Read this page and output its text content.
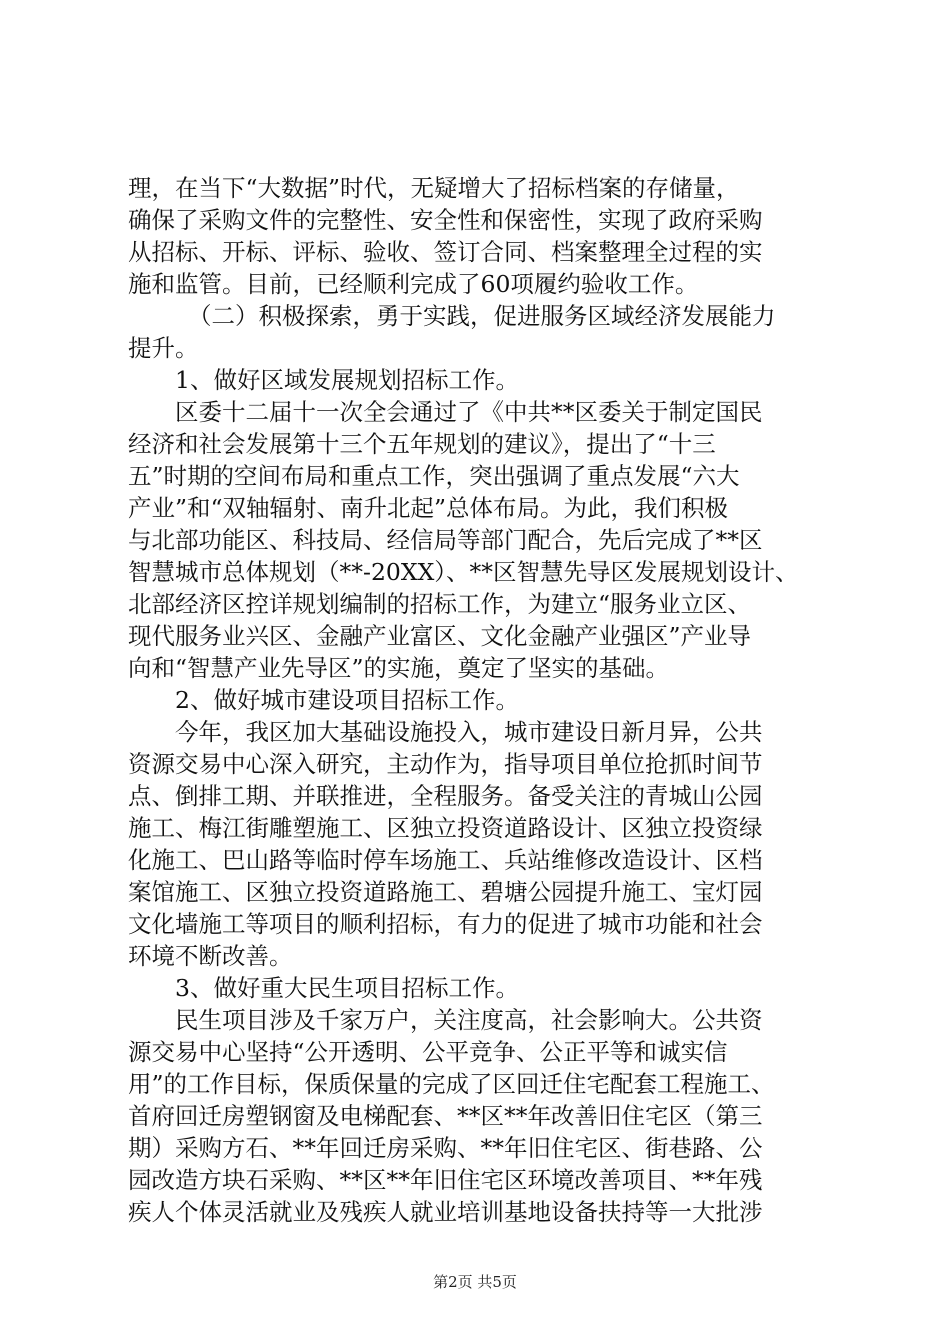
理，在当下“大数据”时代，无疑增大了招标档案的存储量，
确保了采购文件的完整性、安全性和保密性，实现了政府采购
从招标、开标、评标、验收、签订合同、档案整理全过程的实
施和监管。目前，已经顺利完成了60项履约验收工作。
（二）积极探索，勇于实践，促进服务区域经济发展能力
提升。
1、做好区域发展规划招标工作。
区委十二届十一次全会通过了《中共**区委关于制定国民
经济和社会发展第十三个五年规划的建议》，提出了“十三
五”时期的空间布局和重点工作，突出强调了重点发展“六大
产业”和“双轴辐射、南升北起”总体布局。为此，我们积极
与北部功能区、科技局、经信局等部门配合，先后完成了**区
智慧城市总体规划（**-20XX）、**区智慧先导区发展规划设计、
北部经济区控详规划编制的招标工作，为建立“服务业立区、
现代服务业兴区、金融产业富区、文化金融产业强区”产业导
向和“智慧产业先导区”的实施，奠定了坚实的基础。
2、做好城市建设项目招标工作。
今年，我区加大基础设施投入，城市建设日新月异，公共
资源交易中心深入研究，主动作为，指导项目单位抢抓时间节
点、倒排工期、并联推进，全程服务。备受关注的青城山公园
施工、梅江街雕塑施工、区独立投资道路设计、区独立投资绿
化施工、巴山路等临时停车场施工、兵站维修改造设计、区档
案馆施工、区独立投资道路施工、碧塘公园提升施工、宝灯园
文化墙施工等项目的顺利招标，有力的促进了城市功能和社会
环境不断改善。
3、做好重大民生项目招标工作。
民生项目涉及千家万户，关注度高，社会影响大。公共资
源交易中心坚持“公开透明、公平竞争、公正平等和诚实信
用”的工作目标，保质保量的完成了区回迁住宅配套工程施工、
首府回迁房塑钢窗及电梯配套、**区**年改善旧住宅区（第三
期）采购方石、**年回迁房采购、**年旧住宅区、街巷路、公
园改造方块石采购、**区**年旧住宅区环境改善项目、**年残
疾人个体灵活就业及残疾人就业培训基地设备扶持等一大批涉
第2页 共5页
